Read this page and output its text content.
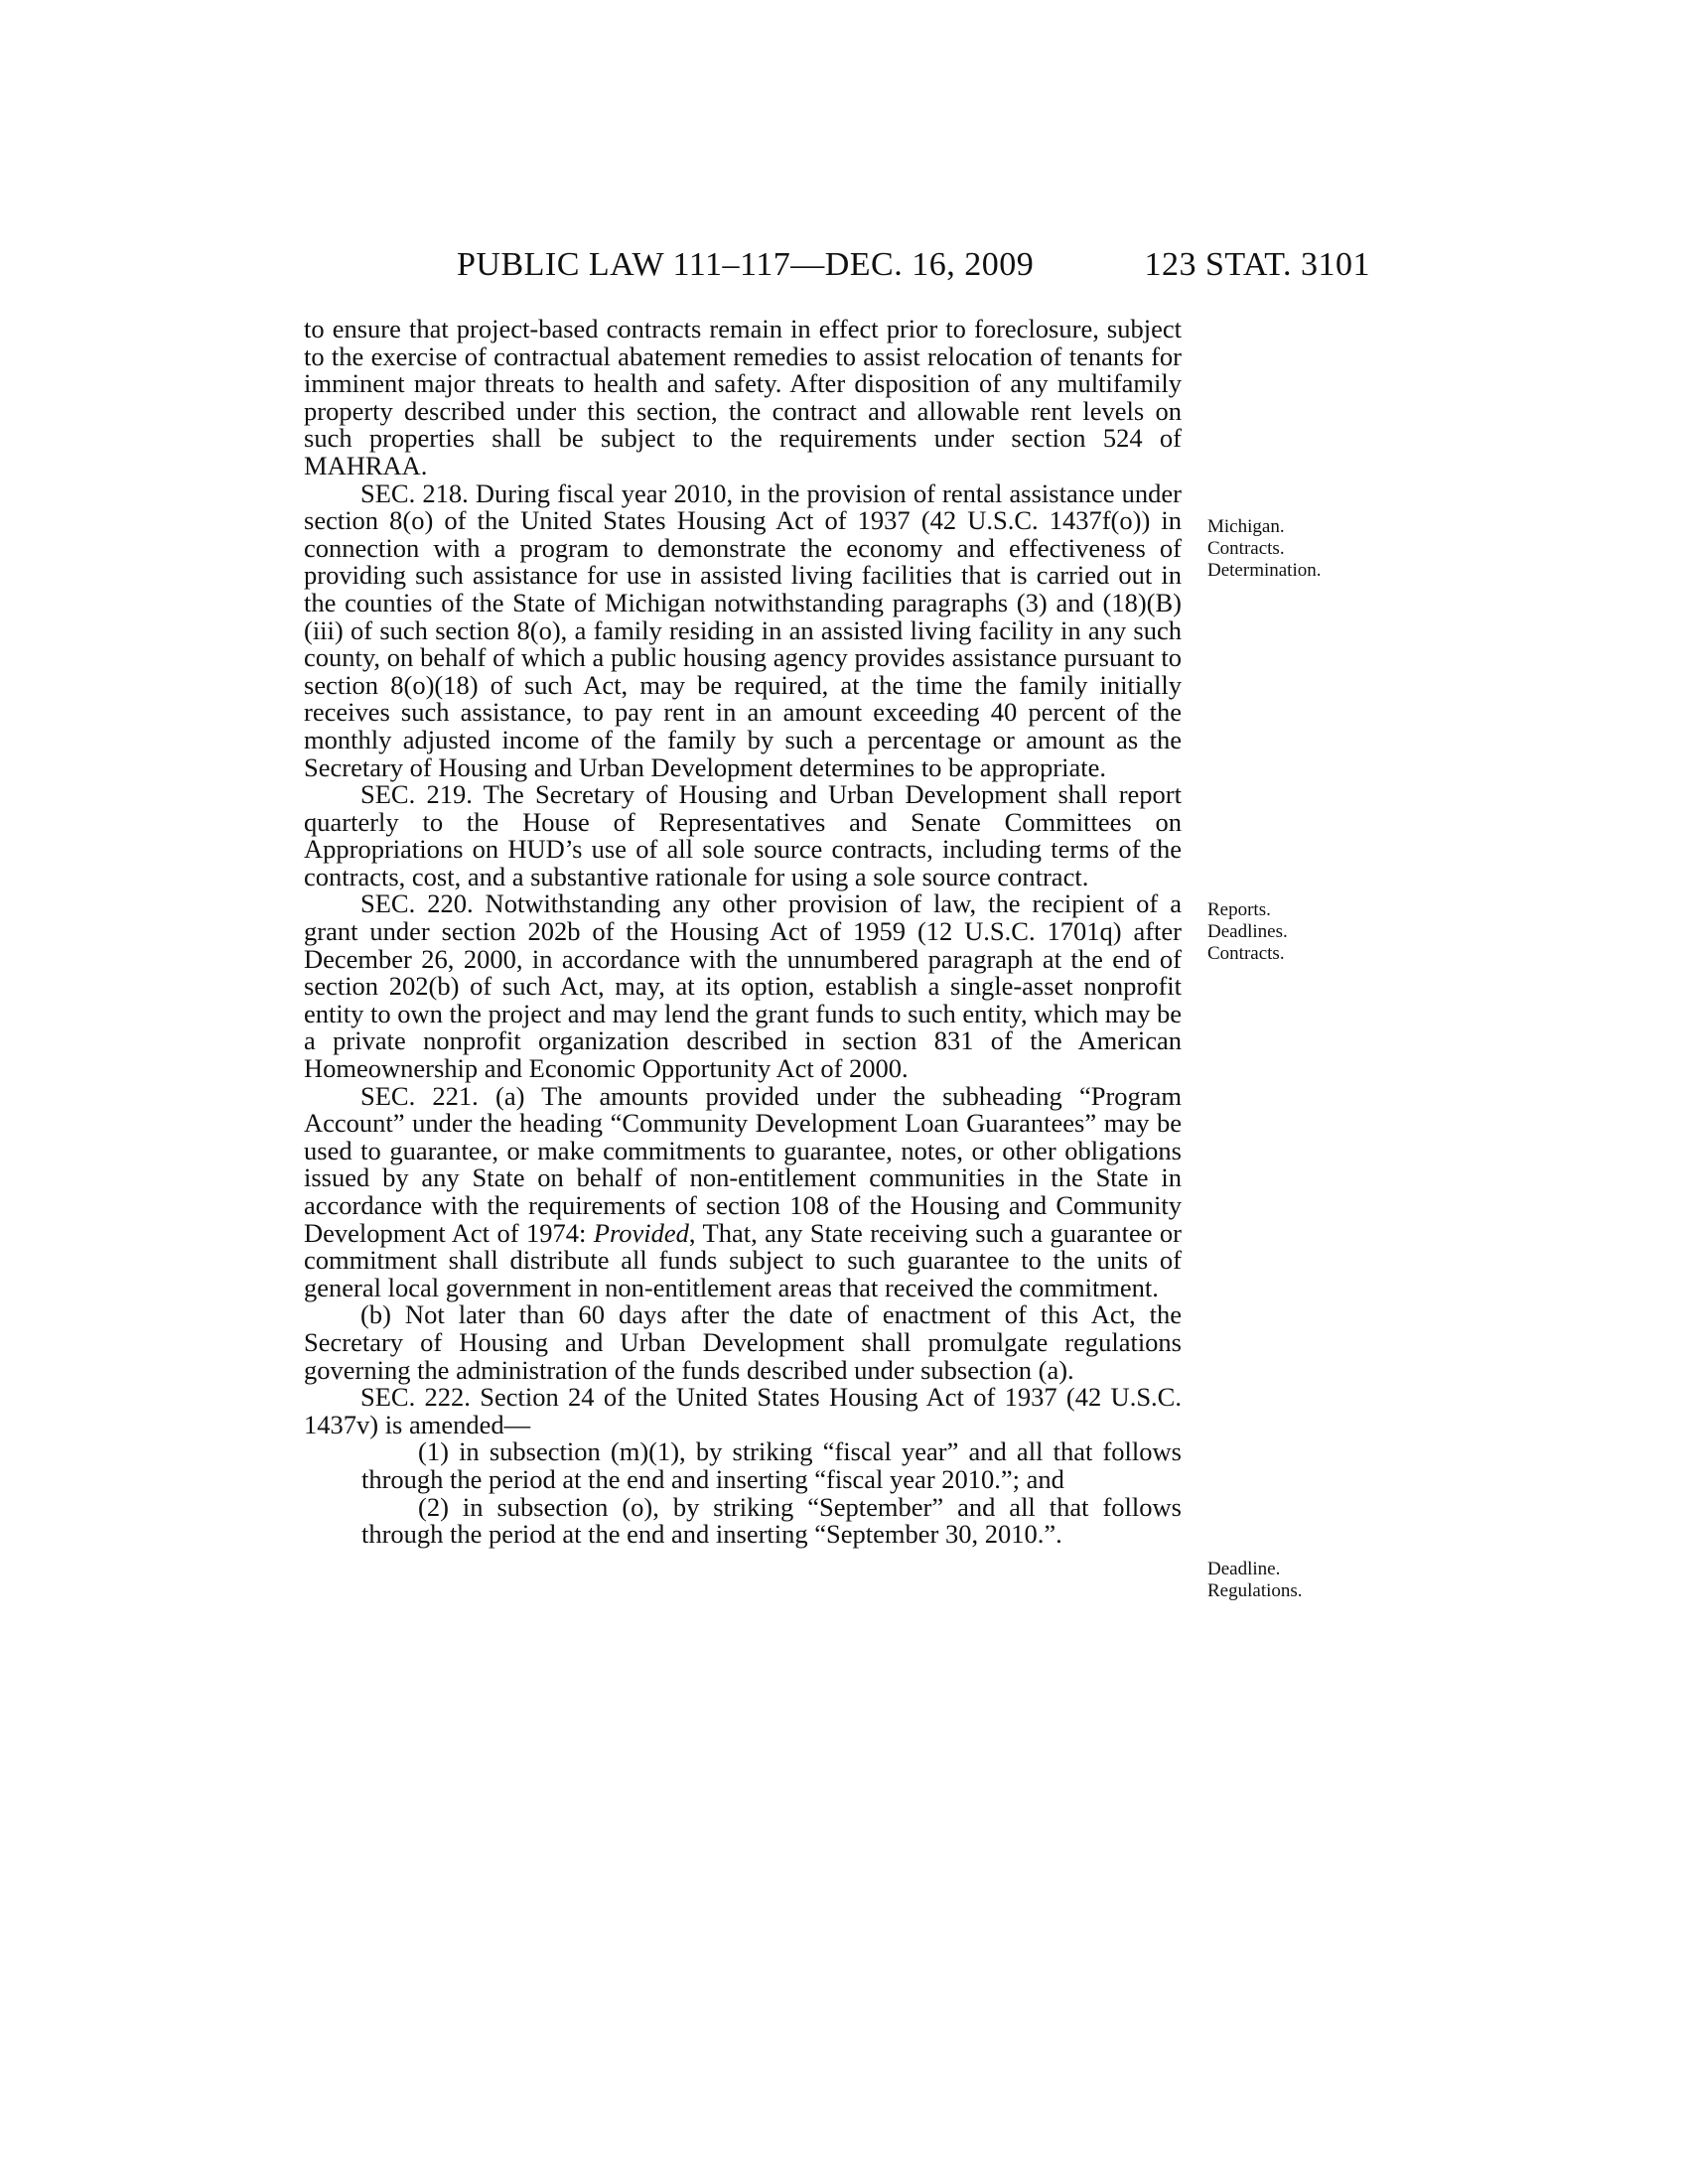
PUBLIC LAW 111–117—DEC. 16, 2009	123 STAT. 3101

to ensure that project-based contracts remain in effect prior to foreclosure, subject to the exercise of contractual abatement remedies to assist relocation of tenants for imminent major threats to health and safety. After disposition of any multifamily property described under this section, the contract and allowable rent levels on such properties shall be subject to the requirements under section 524 of MAHRAA.

SEC. 218. During fiscal year 2010, in the provision of rental assistance under section 8(o) of the United States Housing Act of 1937 (42 U.S.C. 1437f(o)) in connection with a program to demonstrate the economy and effectiveness of providing such assistance for use in assisted living facilities that is carried out in the counties of the State of Michigan notwithstanding paragraphs (3) and (18)(B)(iii) of such section 8(o), a family residing in an assisted living facility in any such county, on behalf of which a public housing agency provides assistance pursuant to section 8(o)(18) of such Act, may be required, at the time the family initially receives such assistance, to pay rent in an amount exceeding 40 percent of the monthly adjusted income of the family by such a percentage or amount as the Secretary of Housing and Urban Development determines to be appropriate.

SEC. 219. The Secretary of Housing and Urban Development shall report quarterly to the House of Representatives and Senate Committees on Appropriations on HUD’s use of all sole source contracts, including terms of the contracts, cost, and a substantive rationale for using a sole source contract.

SEC. 220. Notwithstanding any other provision of law, the recipient of a grant under section 202b of the Housing Act of 1959 (12 U.S.C. 1701q) after December 26, 2000, in accordance with the unnumbered paragraph at the end of section 202(b) of such Act, may, at its option, establish a single-asset nonprofit entity to own the project and may lend the grant funds to such entity, which may be a private nonprofit organization described in section 831 of the American Homeownership and Economic Opportunity Act of 2000.

SEC. 221. (a) The amounts provided under the subheading “Program Account” under the heading “Community Development Loan Guarantees” may be used to guarantee, or make commitments to guarantee, notes, or other obligations issued by any State on behalf of non-entitlement communities in the State in accordance with the requirements of section 108 of the Housing and Community Development Act of 1974: Provided, That, any State receiving such a guarantee or commitment shall distribute all funds subject to such guarantee to the units of general local government in non-entitlement areas that received the commitment.

(b) Not later than 60 days after the date of enactment of this Act, the Secretary of Housing and Urban Development shall promulgate regulations governing the administration of the funds described under subsection (a).

SEC. 222. Section 24 of the United States Housing Act of 1937 (42 U.S.C. 1437v) is amended—

(1) in subsection (m)(1), by striking “fiscal year” and all that follows through the period at the end and inserting “fiscal year 2010.”; and

(2) in subsection (o), by striking “September” and all that follows through the period at the end and inserting “September 30, 2010.”.

Michigan.
Contracts.
Determination.
Reports.
Deadlines.
Contracts.
Deadline.
Regulations.
